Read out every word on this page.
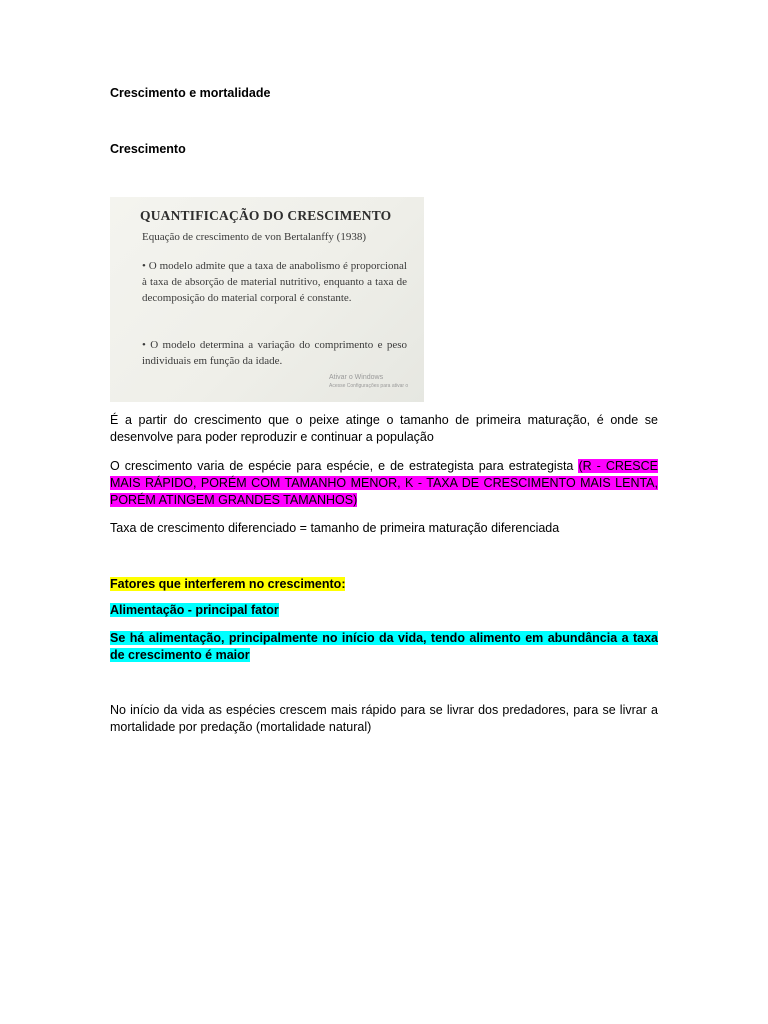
Crescimento e mortalidade
Crescimento
QUANTIFICAÇÃO DO CRESCIMENTO
Equação de crescimento de von Bertalanffy (1938)
• O modelo admite que a taxa de anabolismo é proporcional à taxa de absorção de material nutritivo, enquanto a taxa de decomposição do material corporal é constante.
• O modelo determina a variação do comprimento e peso individuais em função da idade.
Ativar o Windows
Acesse Configurações para ativar o
É a partir do crescimento que o peixe atinge o tamanho de primeira maturação, é onde se desenvolve para poder reproduzir e continuar a população
O crescimento varia de espécie para espécie, e de estrategista para estrategista (R - CRESCE MAIS RÁPIDO, PORÉM COM TAMANHO MENOR, K - TAXA DE CRESCIMENTO MAIS LENTA, PORÉM ATINGEM GRANDES TAMANHOS)
Taxa de crescimento diferenciado = tamanho de primeira maturação diferenciada
Fatores que interferem no crescimento:
Alimentação - principal fator
Se há alimentação, principalmente no início da vida, tendo alimento em abundância a taxa de crescimento é maior
No início da vida as espécies crescem mais rápido para se livrar dos predadores, para se livrar a mortalidade por predação (mortalidade natural)
